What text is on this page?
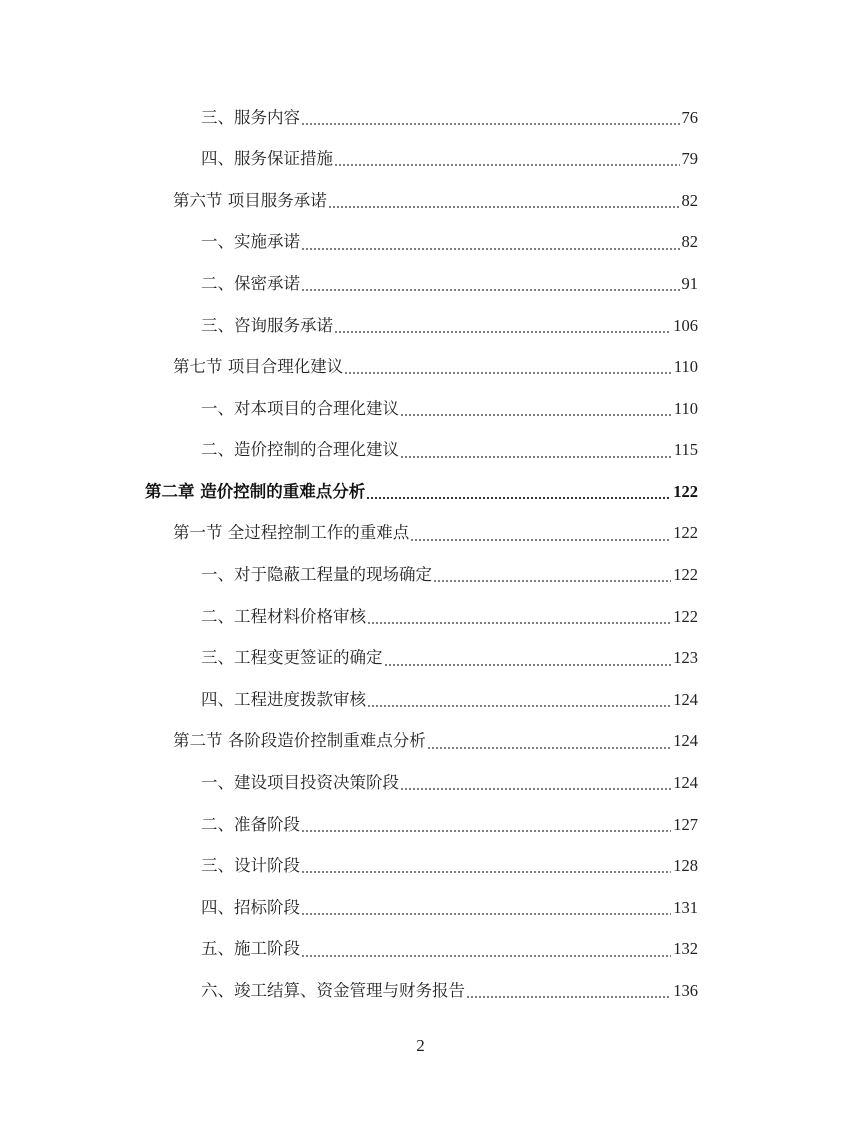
三、服务内容	76
四、服务保证措施	79
第六节 项目服务承诺	82
一、实施承诺	82
二、保密承诺	91
三、咨询服务承诺	106
第七节 项目合理化建议	110
一、对本项目的合理化建议	110
二、造价控制的合理化建议	115
第二章 造价控制的重难点分析	122
第一节 全过程控制工作的重难点	122
一、对于隐蔽工程量的现场确定	122
二、工程材料价格审核	122
三、工程变更签证的确定	123
四、工程进度拨款审核	124
第二节 各阶段造价控制重难点分析	124
一、建设项目投资决策阶段	124
二、准备阶段	127
三、设计阶段	128
四、招标阶段	131
五、施工阶段	132
六、竣工结算、资金管理与财务报告	136
2
